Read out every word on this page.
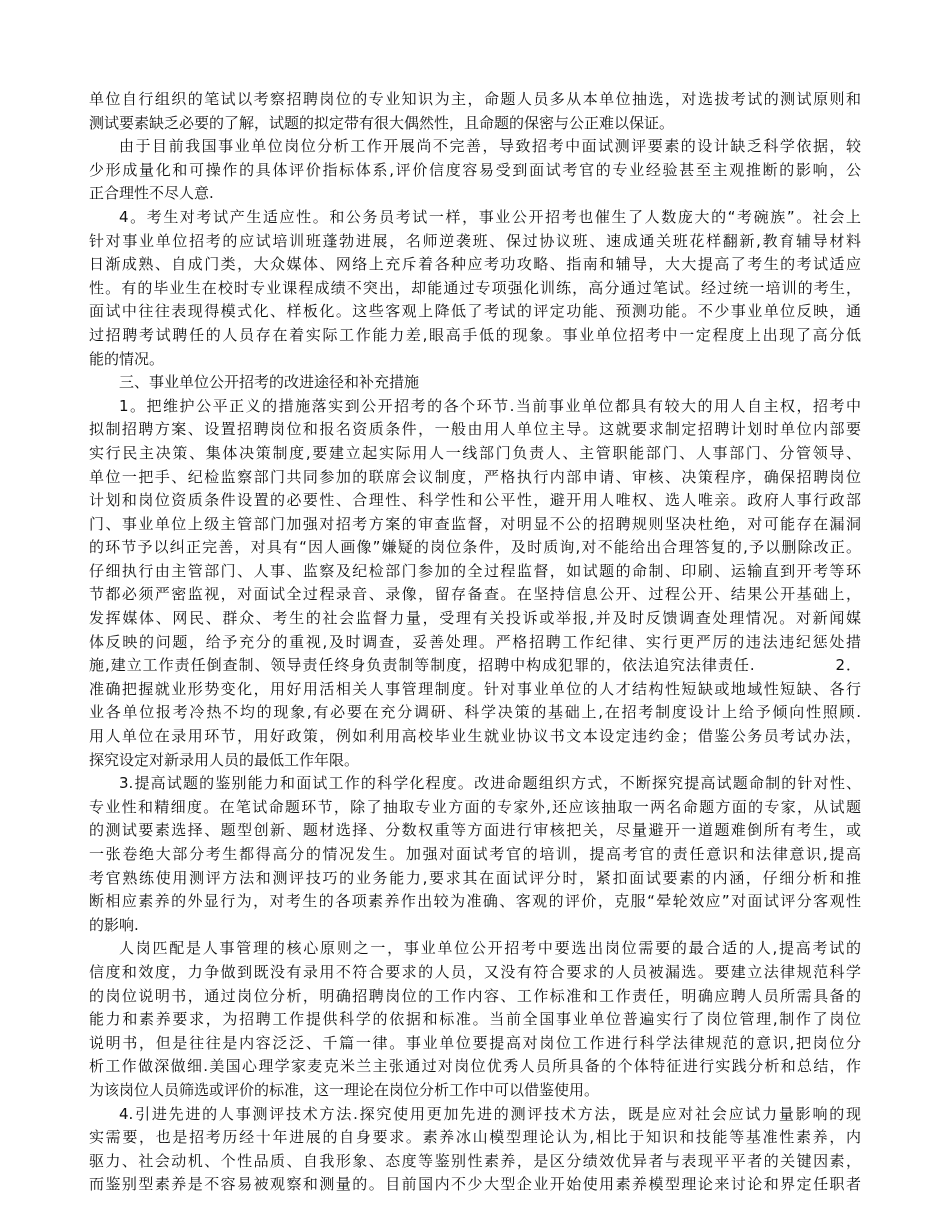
单位自行组织的笔试以考察招聘岗位的专业知识为主，命题人员多从本单位抽选，对选拔考试的测试原则和
测试要素缺乏必要的了解，试题的拟定带有很大偶然性，且命题的保密与公正难以保证。
由于目前我国事业单位岗位分析工作开展尚不完善，导致招考中面试测评要素的设计缺乏科学依据，较
少形成量化和可操作的具体评价指标体系,评价信度容易受到面试考官的专业经验甚至主观推断的影响，公
正合理性不尽人意.
4。考生对考试产生适应性。和公务员考试一样，事业公开招考也催生了人数庞大的“考碗族”。社会上
针对事业单位招考的应试培训班蓬勃进展，名师逆袭班、保过协议班、速成通关班花样翻新,教育辅导材料
日渐成熟、自成门类，大众媒体、网络上充斥着各种应考功攻略、指南和辅导，大大提高了考生的考试适应
性。有的毕业生在校时专业课程成绩不突出，却能通过专项强化训练，高分通过笔试。经过统一培训的考生，
面试中往往表现得模式化、样板化。这些客观上降低了考试的评定功能、预测功能。不少事业单位反映，通
过招聘考试聘任的人员存在着实际工作能力差,眼高手低的现象。事业单位招考中一定程度上出现了高分低
能的情况。
三、事业单位公开招考的改进途径和补充措施
1。把维护公平正义的措施落实到公开招考的各个环节.当前事业单位都具有较大的用人自主权，招考中
拟制招聘方案、设置招聘岗位和报名资质条件，一般由用人单位主导。这就要求制定招聘计划时单位内部要
实行民主决策、集体决策制度,要建立起实际用人一线部门负责人、主管职能部门、人事部门、分管领导、
单位一把手、纪检监察部门共同参加的联席会议制度，严格执行内部申请、审核、决策程序，确保招聘岗位
计划和岗位资质条件设置的必要性、合理性、科学性和公平性，避开用人唯权、选人唯亲。政府人事行政部
门、事业单位上级主管部门加强对招考方案的审查监督，对明显不公的招聘规则坚决杜绝，对可能存在漏洞
的环节予以纠正完善，对具有“因人画像”嫌疑的岗位条件，及时质询,对不能给出合理答复的,予以删除改正。
仔细执行由主管部门、人事、监察及纪检部门参加的全过程监督，如试题的命制、印刷、运输直到开考等环
节都必须严密监视，对面试全过程录音、录像，留存备查。在坚持信息公开、过程公开、结果公开基础上，
发挥媒体、网民、群众、考生的社会监督力量，受理有关投诉或举报,并及时反馈调查处理情况。对新闻媒
体反映的问题，给予充分的重视,及时调查，妥善处理。严格招聘工作纪律、实行更严厉的违法违纪惩处措
施,建立工作责任倒查制、领导责任终身负责制等制度，招聘中构成犯罪的，依法追究法律责任.　　　　　2．
准确把握就业形势变化，用好用活相关人事管理制度。针对事业单位的人才结构性短缺或地域性短缺、各行
业各单位报考冷热不均的现象,有必要在充分调研、科学决策的基础上,在招考制度设计上给予倾向性照顾.
用人单位在录用环节，用好政策，例如利用高校毕业生就业协议书文本设定违约金；借鉴公务员考试办法，
探究设定对新录用人员的最低工作年限。
3.提高试题的鉴别能力和面试工作的科学化程度。改进命题组织方式，不断探究提高试题命制的针对性、
专业性和精细度。在笔试命题环节，除了抽取专业方面的专家外,还应该抽取一两名命题方面的专家，从试题
的测试要素选择、题型创新、题材选择、分数权重等方面进行审核把关，尽量避开一道题难倒所有考生，或
一张卷绝大部分考生都得高分的情况发生。加强对面试考官的培训，提高考官的责任意识和法律意识,提高
考官熟练使用测评方法和测评技巧的业务能力,要求其在面试评分时，紧扣面试要素的内涵，仔细分析和推
断相应素养的外显行为，对考生的各项素养作出较为准确、客观的评价，克服“晕轮效应”对面试评分客观性
的影响.
人岗匹配是人事管理的核心原则之一，事业单位公开招考中要选出岗位需要的最合适的人,提高考试的
信度和效度，力争做到既没有录用不符合要求的人员，又没有符合要求的人员被漏选。要建立法律规范科学
的岗位说明书，通过岗位分析，明确招聘岗位的工作内容、工作标准和工作责任，明确应聘人员所需具备的
能力和素养要求，为招聘工作提供科学的依据和标准。当前全国事业单位普遍实行了岗位管理,制作了岗位
说明书，但是往往是内容泛泛、千篇一律。事业单位要提高对岗位工作进行科学法律规范的意识,把岗位分
析工作做深做细.美国心理学家麦克米兰主张通过对岗位优秀人员所具备的个体特征进行实践分析和总结，作
为该岗位人员筛选或评价的标准，这一理论在岗位分析工作中可以借鉴使用。
4.引进先进的人事测评技术方法.探究使用更加先进的测评技术方法，既是应对社会应试力量影响的现
实需要，也是招考历经十年进展的自身要求。素养冰山模型理论认为,相比于知识和技能等基准性素养，内
驱力、社会动机、个性品质、自我形象、态度等鉴别性素养，是区分绩效优异者与表现平平者的关键因素，
而鉴别型素养是不容易被观察和测量的。目前国内不少大型企业开始使用素养模型理论来讨论和界定任职者
